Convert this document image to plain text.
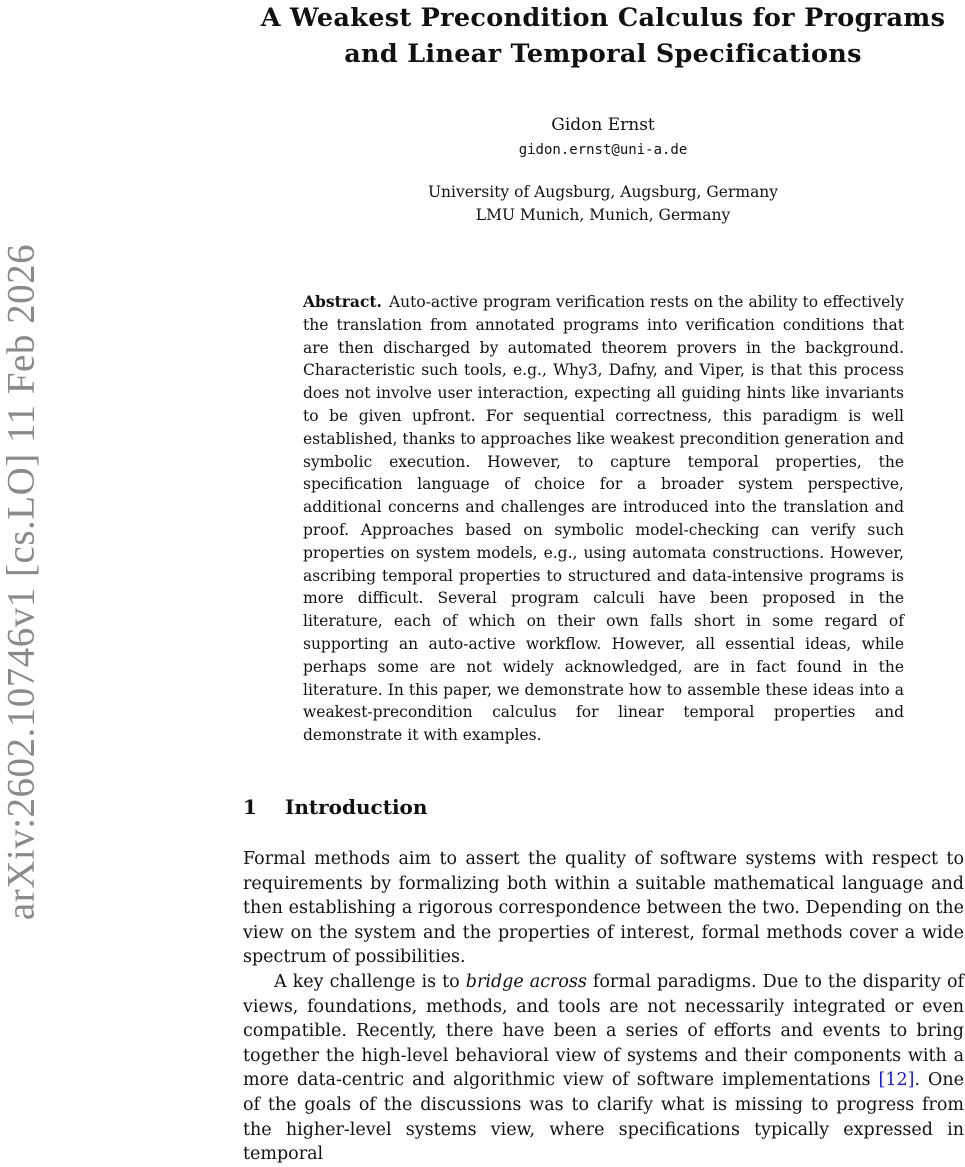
arXiv:2602.10746v1 [cs.LO] 11 Feb 2026
A Weakest Precondition Calculus for Programs
and Linear Temporal Specifications
Gidon Ernst
gidon.ernst@uni-a.de
University of Augsburg, Augsburg, Germany
LMU Munich, Munich, Germany

Abstract. Auto-active program verification rests on the ability to effectively the translation from annotated programs into verification conditions that are then discharged by automated theorem provers in the background. Characteristic such tools, e.g., Why3, Dafny, and Viper, is that this process does not involve user interaction, expecting all guiding hints like invariants to be given upfront. For sequential correctness, this paradigm is well established, thanks to approaches like weakest precondition generation and symbolic execution. However, to capture temporal properties, the specification language of choice for a broader system perspective, additional concerns and challenges are introduced into the translation and proof. Approaches based on symbolic model-checking can verify such properties on system models, e.g., using automata constructions. However, ascribing temporal properties to structured and data-intensive programs is more difficult. Several program calculi have been proposed in the literature, each of which on their own falls short in some regard of supporting an auto-active workflow. However, all essential ideas, while perhaps some are not widely acknowledged, are in fact found in the literature. In this paper, we demonstrate how to assemble these ideas into a weakest-precondition calculus for linear temporal properties and demonstrate it with examples.

1 Introduction

Formal methods aim to assert the quality of software systems with respect to requirements by formalizing both within a suitable mathematical language and then establishing a rigorous correspondence between the two. Depending on the view on the system and the properties of interest, formal methods cover a wide spectrum of possibilities.

A key challenge is to bridge across formal paradigms. Due to the disparity of views, foundations, methods, and tools are not necessarily integrated or even compatible. Recently, there have been a series of efforts and events to bring together the high-level behavioral view of systems and their components with a more data-centric and algorithmic view of software implementations [12]. One of the goals of the discussions was to clarify what is missing to progress from the higher-level systems view, where specifications typically expressed in temporal
